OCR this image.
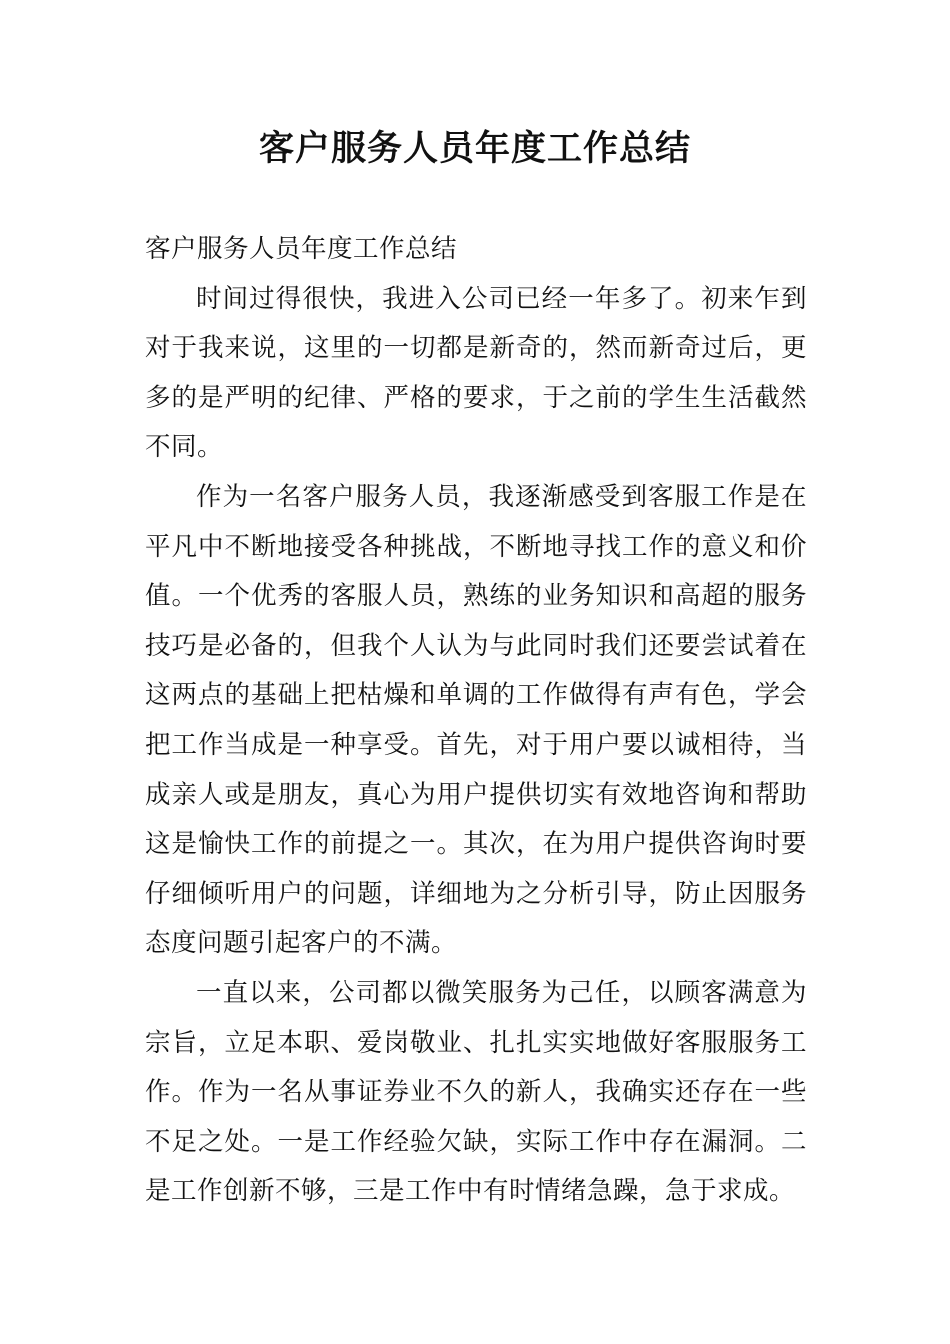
客户服务人员年度工作总结

客户服务人员年度工作总结

时间过得很快，我进入公司已经一年多了。初来乍到对于我来说，这里的一切都是新奇的，然而新奇过后，更多的是严明的纪律、严格的要求，于之前的学生生活截然不同。

作为一名客户服务人员，我逐渐感受到客服工作是在平凡中不断地接受各种挑战，不断地寻找工作的意义和价值。一个优秀的客服人员，熟练的业务知识和高超的服务技巧是必备的，但我个人认为与此同时我们还要尝试着在这两点的基础上把枯燥和单调的工作做得有声有色，学会把工作当成是一种享受。首先，对于用户要以诚相待，当成亲人或是朋友，真心为用户提供切实有效地咨询和帮助这是愉快工作的前提之一。其次，在为用户提供咨询时要仔细倾听用户的问题，详细地为之分析引导，防止因服务态度问题引起客户的不满。

一直以来，公司都以微笑服务为己任，以顾客满意为宗旨，立足本职、爱岗敬业、扎扎实实地做好客服服务工作。作为一名从事证券业不久的新人，我确实还存在一些不足之处。一是工作经验欠缺，实际工作中存在漏洞。二是工作创新不够，三是工作中有时情绪急躁，急于求成。
